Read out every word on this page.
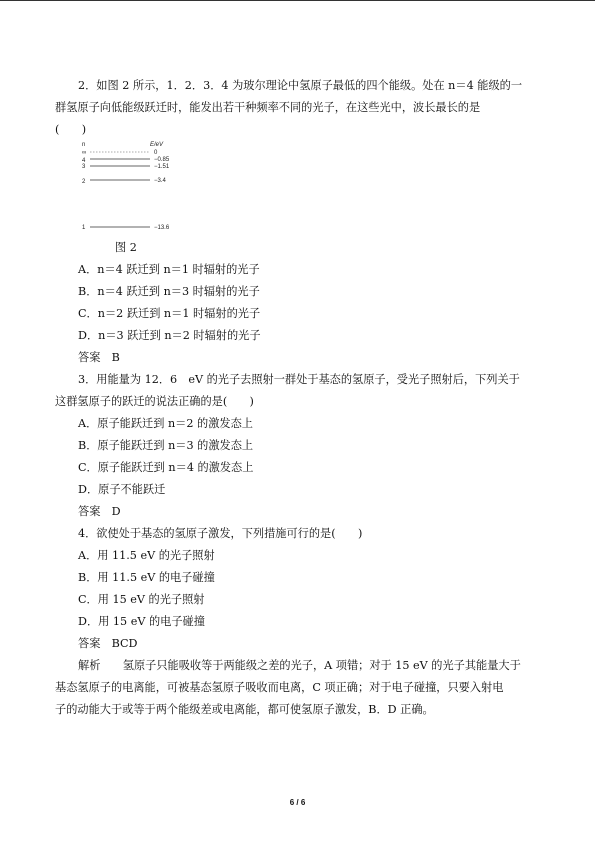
2．如图 2 所示，1．2．3．4 为玻尔理论中氢原子最低的四个能级。处在 n＝4 能级的一
群氢原子向低能级跃迁时，能发出若干种频率不同的光子，在这些光中，波长最长的是
(　　)
n	E/eV
∞	0
4	−0.85
3	−1.51
2	−3.4
1	−13.6
图 2
A．n＝4 跃迁到 n＝1 时辐射的光子
B．n＝4 跃迁到 n＝3 时辐射的光子
C．n＝2 跃迁到 n＝1 时辐射的光子
D．n＝3 跃迁到 n＝2 时辐射的光子
答案　B
3．用能量为 12．6　eV 的光子去照射一群处于基态的氢原子，受光子照射后，下列关于
这群氢原子的跃迁的说法正确的是(　　)
A．原子能跃迁到 n＝2 的激发态上
B．原子能跃迁到 n＝3 的激发态上
C．原子能跃迁到 n＝4 的激发态上
D．原子不能跃迁
答案　D
4．欲使处于基态的氢原子激发，下列措施可行的是(　　)
A．用 11.5 eV 的光子照射
B．用 11.5 eV 的电子碰撞
C．用 15 eV 的光子照射
D．用 15 eV 的电子碰撞
答案　BCD
解析　　氢原子只能吸收等于两能级之差的光子，A 项错；对于 15 eV 的光子其能量大于
基态氢原子的电离能，可被基态氢原子吸收而电离，C 项正确；对于电子碰撞，只要入射电
子的动能大于或等于两个能级差或电离能，都可使氢原子激发，B．D 正确。
6 / 6
